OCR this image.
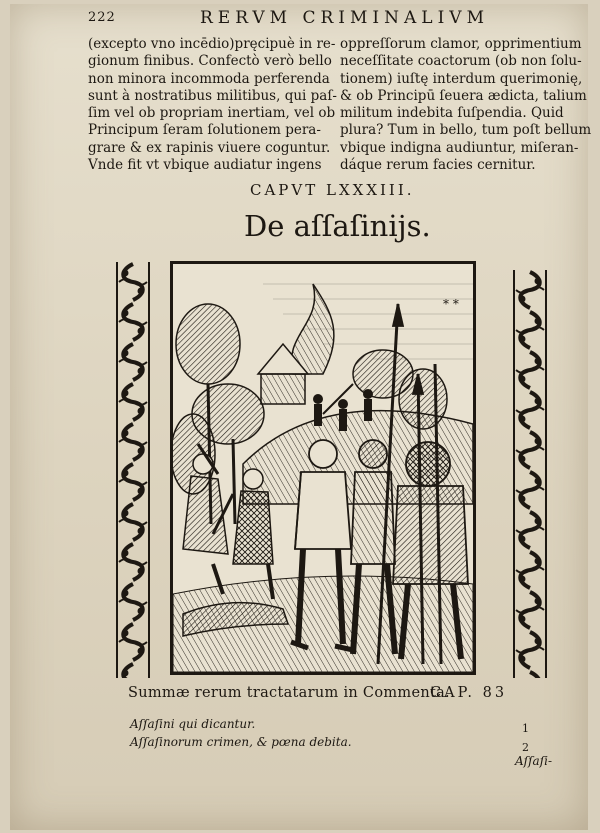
222	RERVM CRIMINALIVM
(excepto vno incēdio)pręcipuè in re-
gionum finibus. Confectò verò bello
non minora incommoda perferenda
sunt à nostratibus militibus, qui paſ-
ſim vel ob propriam inertiam, vel ob
Principum ſeram ſolutionem pera-
grare & ex rapinis viuere coguntur.
Vnde fit vt vbique audiatur ingens
oppreſſorum clamor, opprimentium
neceſſitate coactorum (ob non ſolu-
tionem) iuſtę interdum querimonię,
& ob Principū ſeuera ædicta, talium
militum indebita ſuſpendia. Quid
plura? Tum in bello, tum poſt bellum
vbique indigna audiuntur, miſeran-
dáque rerum facies cernitur.
CAPVT LXXXIII.
De aſſaſinijs.
⁎ ⁎
Summæ rerum tractatarum in Commenta.
CAP. 83
Aſſaſini qui dicantur.
Aſſaſinorum crimen, & pœna debita.
1
2
Aſſaſi-
